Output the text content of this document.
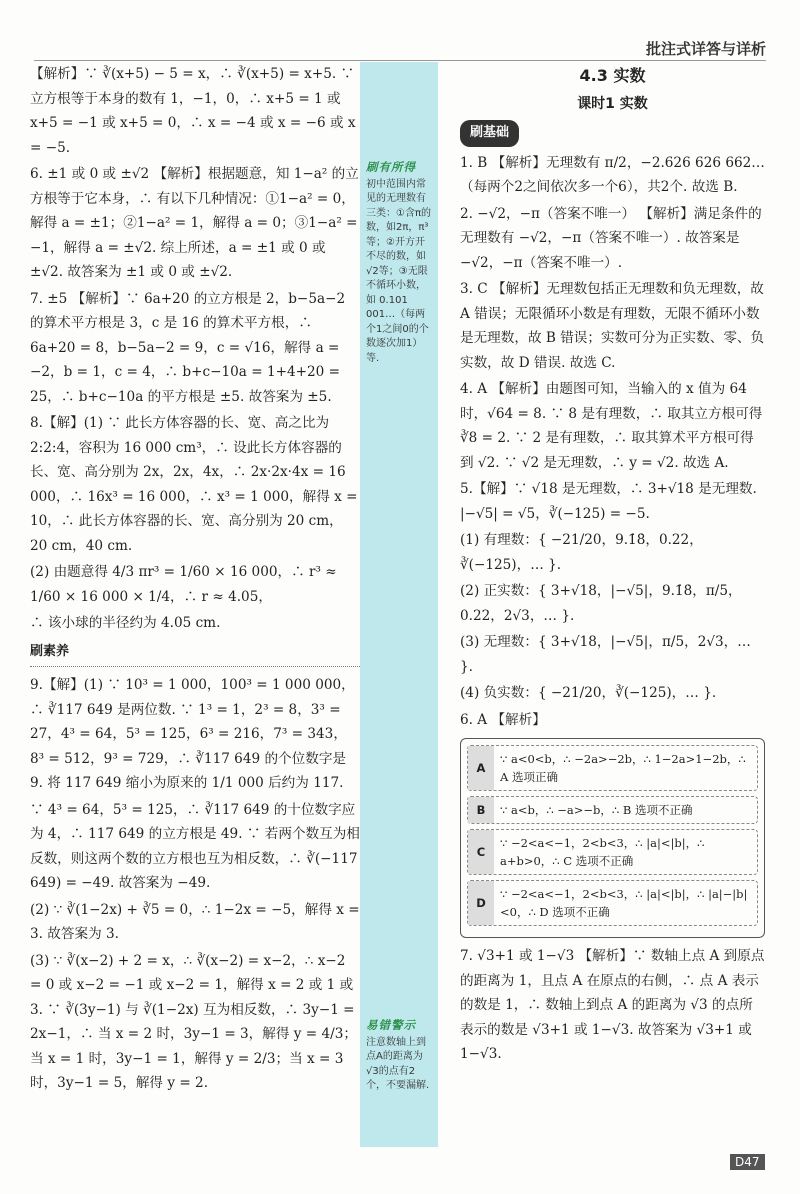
批注式详答与详析
【解析】∵ ∛(x+5) − 5 = x，∴ ∛(x+5) = x+5. ∵ 立方根等于本身的数有 1，−1，0，∴ x+5 = 1 或 x+5 = −1 或 x+5 = 0，∴ x = −4 或 x = −6 或 x = −5.
6. ±1 或 0 或 ±√2 【解析】根据题意，知 1−a² 的立方根等于它本身，∴ 有以下几种情况：①1−a² = 0，解得 a = ±1；②1−a² = 1，解得 a = 0；③1−a² = −1，解得 a = ±√2. 综上所述，a = ±1 或 0 或 ±√2. 故答案为 ±1 或 0 或 ±√2.
7. ±5 【解析】∵ 6a+20 的立方根是 2，b−5a−2 的算术平方根是 3，c 是 16 的算术平方根，∴ 6a+20 = 8，b−5a−2 = 9，c = √16，解得 a = −2，b = 1，c = 4，∴ b+c−10a = 1+4+20 = 25，∴ b+c−10a 的平方根是 ±5. 故答案为 ±5.
8.【解】(1) ∵ 此长方体容器的长、宽、高之比为 2:2:4，容积为 16 000 cm³，∴ 设此长方体容器的长、宽、高分别为 2x，2x，4x，∴ 2x·2x·4x = 16 000，∴ 16x³ = 16 000，∴ x³ = 1 000，解得 x = 10，∴ 此长方体容器的长、宽、高分别为 20 cm，20 cm，40 cm.
(2) 由题意得 4/3 πr³ = 1/60 × 16 000，∴ r³ ≈ 1/60 × 16 000 × 1/4，∴ r ≈ 4.05，
∴ 该小球的半径约为 4.05 cm.
刷素养
9.【解】(1) ∵ 10³ = 1 000，100³ = 1 000 000，∴ ∛117 649 是两位数. ∵ 1³ = 1，2³ = 8，3³ = 27，4³ = 64，5³ = 125，6³ = 216，7³ = 343，8³ = 512，9³ = 729，∴ ∛117 649 的个位数字是 9. 将 117 649 缩小为原来的 1/1 000 后约为 117.
∵ 4³ = 64，5³ = 125，∴ ∛117 649 的十位数字应为 4，∴ 117 649 的立方根是 49. ∵ 若两个数互为相反数，则这两个数的立方根也互为相反数，∴ ∛(−117 649) = −49. 故答案为 −49.
(2) ∵ ∛(1−2x) + ∛5 = 0，∴ 1−2x = −5，解得 x = 3. 故答案为 3.
(3) ∵ ∛(x−2) + 2 = x，∴ ∛(x−2) = x−2，∴ x−2 = 0 或 x−2 = −1 或 x−2 = 1，解得 x = 2 或 1 或 3. ∵ ∛(3y−1) 与 ∛(1−2x) 互为相反数，∴ 3y−1 = 2x−1，∴ 当 x = 2 时，3y−1 = 3，解得 y = 4/3；当 x = 1 时，3y−1 = 1，解得 y = 2/3；当 x = 3 时，3y−1 = 5，解得 y = 2.
刷有所得
初中范围内常见的无理数有三类：①含π的数，如2π，π³等；②开方开不尽的数，如√2等；③无限不循环小数，如 0.101 001…（每两个1之间0的个数逐次加1）等.
易错警示
注意数轴上到点A的距离为√3的点有2个，不要漏解.
4.3 实数
课时1 实数
刷基础
1. B 【解析】无理数有 π/2，−2.626 626 662…（每两个2之间依次多一个6），共2个. 故选 B.
2. −√2，−π（答案不唯一） 【解析】满足条件的无理数有 −√2，−π（答案不唯一）. 故答案是 −√2，−π（答案不唯一）.
3. C 【解析】无理数包括正无理数和负无理数，故 A 错误；无限循环小数是有理数，无限不循环小数是无理数，故 B 错误；实数可分为正实数、零、负实数，故 D 错误. 故选 C.
4. A 【解析】由题图可知，当输入的 x 值为 64 时，√64 = 8. ∵ 8 是有理数，∴ 取其立方根可得 ∛8 = 2. ∵ 2 是有理数，∴ 取其算术平方根可得到 √2. ∵ √2 是无理数，∴ y = √2. 故选 A.
5.【解】∵ √18 是无理数，∴ 3+√18 是无理数. |−√5| = √5，∛(−125) = −5.
(1) 有理数：{ −21/20，9.1̇8̇，0.22，∛(−125)，… }.
(2) 正实数：{ 3+√18，|−√5|，9.1̇8̇，π/5，0.22，2√3，… }.
(3) 无理数：{ 3+√18，|−√5|，π/5，2√3，… }.
(4) 负实数：{ −21/20，∛(−125)，… }.
6. A 【解析】
A
∵ a<0<b，∴ −2a>−2b，∴ 1−2a>1−2b，∴ A 选项正确
B	∵ a<b，∴ −a>−b，∴ B 选项不正确
C
∵ −2<a<−1，2<b<3，∴ |a|<|b|，∴ a+b>0，∴ C 选项不正确
D
∵ −2<a<−1，2<b<3，∴ |a|<|b|，∴ |a|−|b|<0，∴ D 选项不正确
7. √3+1 或 1−√3 【解析】∵ 数轴上点 A 到原点的距离为 1，且点 A 在原点的右侧，∴ 点 A 表示的数是 1，∴ 数轴上到点 A 的距离为 √3 的点所表示的数是 √3+1 或 1−√3. 故答案为 √3+1 或 1−√3.
D47
